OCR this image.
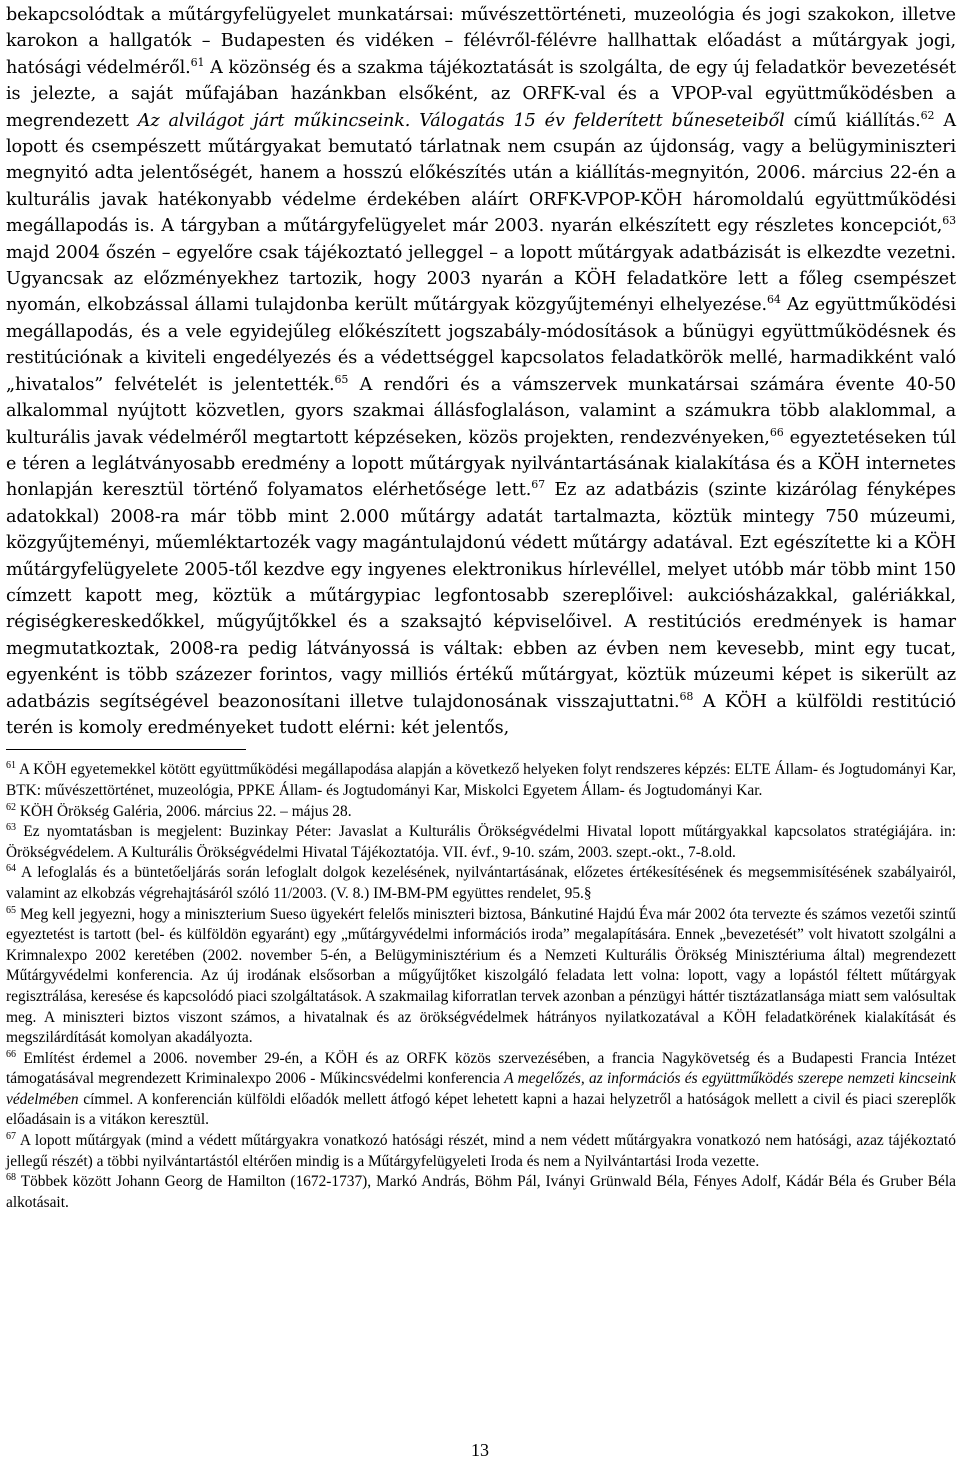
bekapcsolódtak a műtárgyfelügyelet munkatársai: művészettörténeti, muzeológia és jogi szakokon, illetve karokon a hallgatók – Budapesten és vidéken – félévről-félévre hallhattak előadást a műtárgyak jogi, hatósági védelméről.$^{61}$ A közönség és a szakma tájékoztatását is szolgálta, de egy új feladatkör bevezetését is jelezte, a saját műfajában hazánkban elsőként, az ORFK-val és a VPOP-val együttműködésben a megrendezett Az alvilágot járt műkincseink. Válogatás 15 év felderített bűneseteiből című kiállítás.$^{62}$ A lopott és csempészett műtárgyakat bemutató tárlatnak nem csupán az újdonság, vagy a belügyminiszteri megnyitó adta jelentőségét, hanem a hosszú előkészítés után a kiállítás-megnyitón, 2006. március 22-én a kulturális javak hatékonyabb védelme érdekében aláírt ORFK-VPOP-KÖH háromoldalú együttműködési megállapodás is. A tárgyban a műtárgyfelügyelet már 2003. nyarán elkészített egy részletes koncepciót,$^{63}$ majd 2004 őszén – egyelőre csak tájékoztató jelleggel – a lopott műtárgyak adatbázisát is elkezdte vezetni. Ugyancsak az előzményekhez tartozik, hogy 2003 nyarán a KÖH feladatköre lett a főleg csempészet nyomán, elkobzással állami tulajdonba került műtárgyak közgyűjteményi elhelyezése.$^{64}$ Az együttműködési megállapodás, és a vele egyidejűleg előkészített jogszabály-módosítások a bűnügyi együttműködésnek és restitúciónak a kiviteli engedélyezés és a védettséggel kapcsolatos feladatkörök mellé, harmadikként való „hivatalos” felvételét is jelentették.$^{65}$ A rendőri és a vámszervek munkatársai számára évente 40-50 alkalommal nyújtott közvetlen, gyors szakmai állásfoglaláson, valamint a számukra több alaklommal, a kulturális javak védelméről megtartott képzéseken, közös projekten, rendezvényeken,$^{66}$ egyeztetéseken túl e téren a leglátványosabb eredmény a lopott műtárgyak nyilvántartásának kialakítása és a KÖH internetes honlapján keresztül történő folyamatos elérhetősége lett.$^{67}$ Ez az adatbázis (szinte kizárólag fényképes adatokkal) 2008-ra már több mint 2.000 műtárgy adatát tartalmazta, köztük mintegy 750 múzeumi, közgyűjteményi, műemléktartozék vagy magántulajdonú védett műtárgy adatával. Ezt egészítette ki a KÖH műtárgyfelügyelete 2005-től kezdve egy ingyenes elektronikus hírlevéllel, melyet utóbb már több mint 150 címzett kapott meg, köztük a műtárgypiac legfontosabb szereplőivel: aukciósházakkal, galériákkal, régiségkereskedőkkel, műgyűjtőkkel és a szaksajtó képviselőivel. A restitúciós eredmények is hamar megmutatkoztak, 2008-ra pedig látványossá is váltak: ebben az évben nem kevesebb, mint egy tucat, egyenként is több százezer forintos, vagy milliós értékű műtárgyat, köztük múzeumi képet is sikerült az adatbázis segítségével beazonosítani illetve tulajdonosának visszajuttatni.$^{68}$ A KÖH a külföldi restitúció terén is komoly eredményeket tudott elérni: két jelentős,

$^{61}$ A KÖH egyetemekkel kötött együttműködési megállapodása alapján a következő helyeken folyt rendszeres képzés: ELTE Állam- és Jogtudományi Kar, BTK: művészettörténet, muzeológia, PPKE Állam- és Jogtudományi Kar, Miskolci Egyetem Állam- és Jogtudományi Kar.

$^{62}$ KÖH Örökség Galéria, 2006. március 22. – május 28.

$^{63}$ Ez nyomtatásban is megjelent: Buzinkay Péter: Javaslat a Kulturális Örökségvédelmi Hivatal lopott műtárgyakkal kapcsolatos stratégiájára. in: Örökségvédelem. A Kulturális Örökségvédelmi Hivatal Tájékoztatója. VII. évf., 9-10. szám, 2003. szept.-okt., 7-8.old.

$^{64}$ A lefoglalás és a büntetőeljárás során lefoglalt dolgok kezelésének, nyilvántartásának, előzetes értékesítésének és megsemmisítésének szabályairól, valamint az elkobzás végrehajtásáról szóló 11/2003. (V. 8.) IM-BM-PM együttes rendelet, 95.§

$^{65}$ Meg kell jegyezni, hogy a miniszterium Sueso ügyekért felelős miniszteri biztosa, Bánkutiné Hajdú Éva már 2002 óta tervezte és számos vezetői szintű egyeztetést is tartott (bel- és külföldön egyaránt) egy „műtárgyvédelmi információs iroda” megalapítására. Ennek „bevezetését” volt hivatott szolgálni a Krimnalexpo 2002 keretében (2002. november 5-én, a Belügyminisztérium és a Nemzeti Kulturális Örökség Minisztériuma által) megrendezett Műtárgyvédelmi konferencia. Az új irodának elsősorban a műgyűjtőket kiszolgáló feladata lett volna: lopott, vagy a lopástól féltett műtárgyak regisztrálása, keresése és kapcsolódó piaci szolgáltatások. A szakmailag kiforratlan tervek azonban a pénzügyi háttér tisztázatlansága miatt sem valósultak meg. A miniszteri biztos viszont számos, a hivatalnak és az örökségvédelmek hátrányos nyilatkozatával a KÖH feladatkörének kialakítását és megszilárdítását komolyan akadályozta.

$^{66}$ Említést érdemel a 2006. november 29-én, a KÖH és az ORFK közös szervezésében, a francia Nagykövetség és a Budapesti Francia Intézet támogatásával megrendezett Kriminalexpo 2006 - Műkincsvédelmi konferencia A megelőzés, az információs és együttműködés szerepe nemzeti kincseink védelmében címmel. A konferencián külföldi előadók mellett átfogó képet lehetett kapni a hazai helyzetről a hatóságok mellett a civil és piaci szereplők előadásain is a vitákon keresztül.

$^{67}$ A lopott műtárgyak (mind a védett műtárgyakra vonatkozó hatósági részét, mind a nem védett műtárgyakra vonatkozó nem hatósági, azaz tájékoztató jellegű részét) a többi nyilvántartástól eltérően mindig is a Műtárgyfelügyeleti Iroda és nem a Nyilvántartási Iroda vezette.

$^{68}$ Többek között Johann Georg de Hamilton (1672-1737), Markó András, Böhm Pál, Iványi Grünwald Béla, Fényes Adolf, Kádár Béla és Gruber Béla alkotásait.

13
